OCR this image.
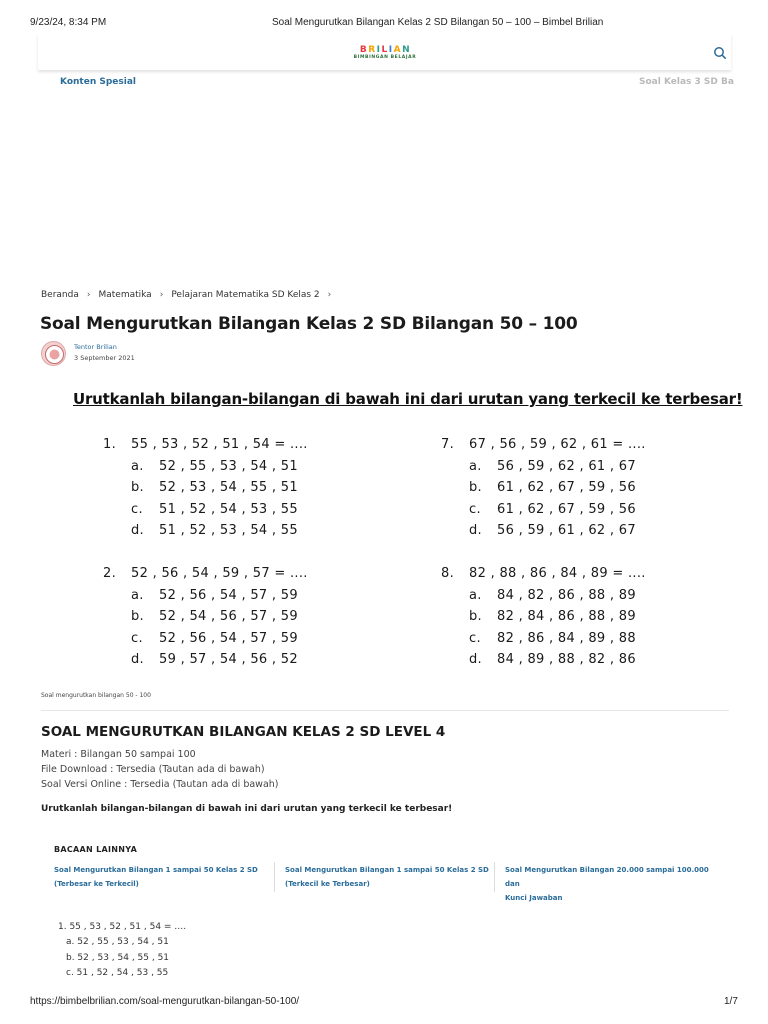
9/23/24, 8:34 PM	Soal Mengurutkan Bilangan Kelas 2 SD Bilangan 50 – 100 – Bimbel Brilian
https://bimbelbrilian.com/soal-mengurutkan-bilangan-50-100/	1/7
B R I L I A N
BIMBINGAN BELAJAR
Konten Spesial	Soal Kelas 3 SD Ba
Beranda › Matematika › Pelajaran Matematika SD Kelas 2 ›
Soal Mengurutkan Bilangan Kelas 2 SD Bilangan 50 – 100
Tentor Brilian
3 September 2021
Urutkanlah bilangan-bilangan di bawah ini dari urutan yang terkecil ke terbesar!
1. 55 , 53 , 52 , 51 , 54 = ....
a. 52 , 55 , 53 , 54 , 51
b. 52 , 53 , 54 , 55 , 51
c. 51 , 52 , 54 , 53 , 55
d. 51 , 52 , 53 , 54 , 55
7. 67 , 56 , 59 , 62 , 61 = ....
a. 56 , 59 , 62 , 61 , 67
b. 61 , 62 , 67 , 59 , 56
c. 61 , 62 , 67 , 59 , 56
d. 56 , 59 , 61 , 62 , 67
2. 52 , 56 , 54 , 59 , 57 = ....
a. 52 , 56 , 54 , 57 , 59
b. 52 , 54 , 56 , 57 , 59
c. 52 , 56 , 54 , 57 , 59
d. 59 , 57 , 54 , 56 , 52
8. 82 , 88 , 86 , 84 , 89 = ....
a. 84 , 82 , 86 , 88 , 89
b. 82 , 84 , 86 , 88 , 89
c. 82 , 86 , 84 , 89 , 88
d. 84 , 89 , 88 , 82 , 86
Soal mengurutkan bilangan 50 - 100
SOAL MENGURUTKAN BILANGAN KELAS 2 SD LEVEL 4
Materi : Bilangan 50 sampai 100
File Download : Tersedia (Tautan ada di bawah)
Soal Versi Online : Tersedia (Tautan ada di bawah)
Urutkanlah bilangan-bilangan di bawah ini dari urutan yang terkecil ke terbesar!
BACAAN LAINNYA
Soal Mengurutkan Bilangan 1 sampai 50 Kelas 2 SD
(Terbesar ke Terkecil)
Soal Mengurutkan Bilangan 1 sampai 50 Kelas 2 SD
(Terkecil ke Terbesar)
Soal Mengurutkan Bilangan 20.000 sampai 100.000 dan
Kunci Jawaban
1. 55 , 53 , 52 , 51 , 54 = ….
a. 52 , 55 , 53 , 54 , 51
b. 52 , 53 , 54 , 55 , 51
c. 51 , 52 , 54 , 53 , 55
